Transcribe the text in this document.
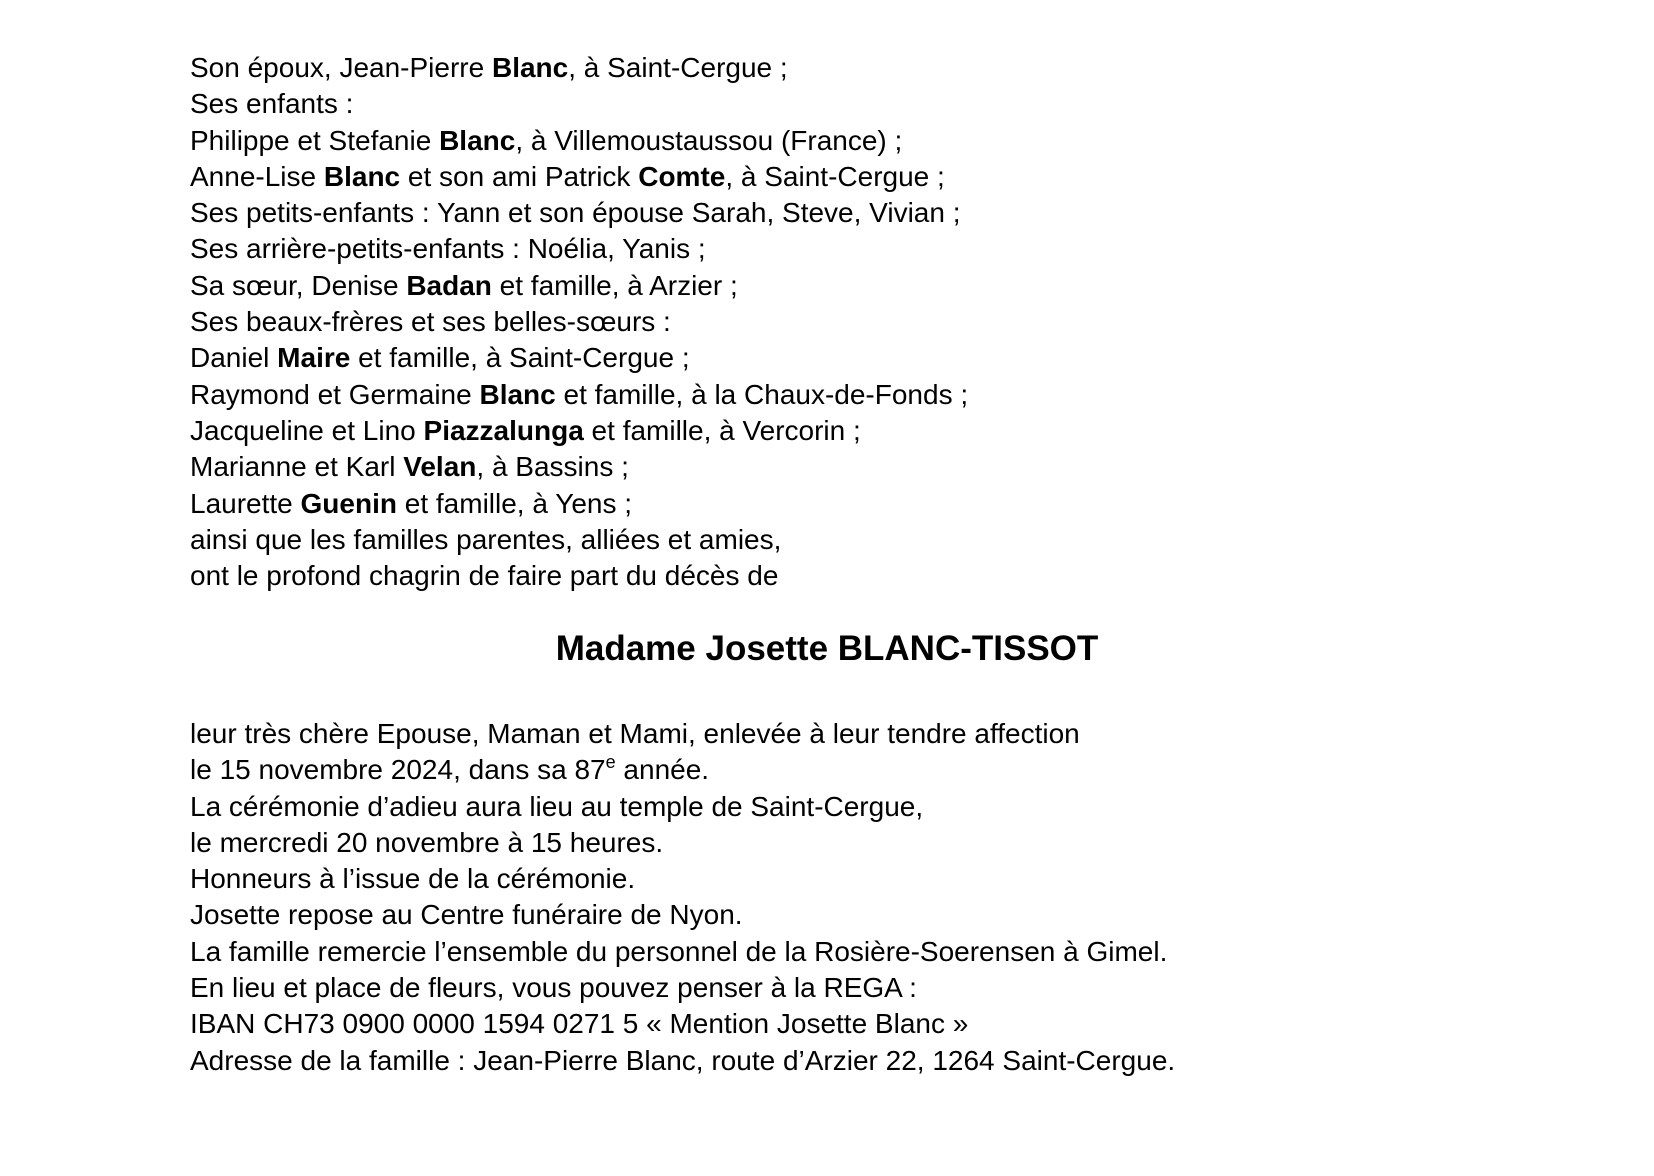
Son époux, Jean-Pierre Blanc, à Saint-Cergue ;
Ses enfants :
Philippe et Stefanie Blanc, à Villemoustaussou (France) ;
Anne-Lise Blanc et son ami Patrick Comte, à Saint-Cergue ;
Ses petits-enfants : Yann et son épouse Sarah, Steve, Vivian ;
Ses arrière-petits-enfants : Noélia, Yanis ;
Sa sœur, Denise Badan et famille, à Arzier ;
Ses beaux-frères et ses belles-sœurs :
Daniel Maire et famille, à Saint-Cergue ;
Raymond et Germaine Blanc et famille, à la Chaux-de-Fonds ;
Jacqueline et Lino Piazzalunga et famille, à Vercorin ;
Marianne et Karl Velan, à Bassins ;
Laurette Guenin et famille, à Yens ;
ainsi que les familles parentes, alliées et amies,
ont le profond chagrin de faire part du décès de
Madame Josette BLANC-TISSOT
leur très chère Epouse, Maman et Mami, enlevée à leur tendre affection
le 15 novembre 2024, dans sa 87e année.
La cérémonie d’adieu aura lieu au temple de Saint-Cergue,
le mercredi 20 novembre à 15 heures.
Honneurs à l’issue de la cérémonie.
Josette repose au Centre funéraire de Nyon.
La famille remercie l’ensemble du personnel de la Rosière-Soerensen à Gimel.
En lieu et place de fleurs, vous pouvez penser à la REGA :
IBAN CH73 0900 0000 1594 0271 5 « Mention Josette Blanc »
Adresse de la famille : Jean-Pierre Blanc, route d’Arzier 22, 1264 Saint-Cergue.
